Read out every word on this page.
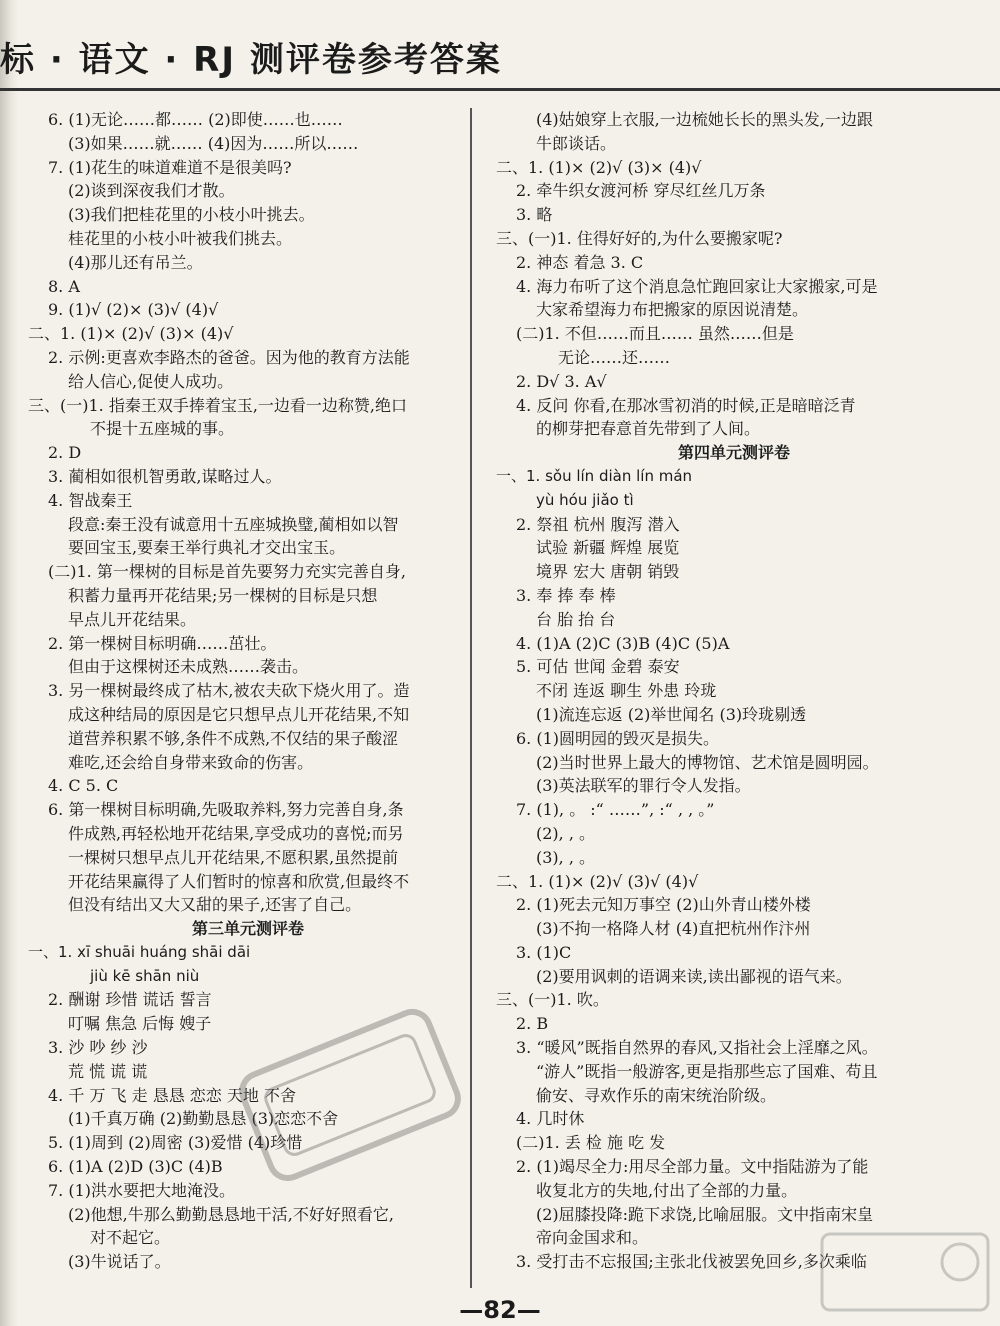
标 · 语文 · RJ 测评卷参考答案
6. (1)无论……都…… (2)即使……也……
(3)如果……就…… (4)因为……所以……
7. (1)花生的味道难道不是很美吗?
(2)谈到深夜我们才散。
(3)我们把桂花里的小枝小叶挑去。
桂花里的小枝小叶被我们挑去。
(4)那儿还有吊兰。
8. A
9. (1)√ (2)× (3)√ (4)√
二、1. (1)× (2)√ (3)× (4)√
2. 示例:更喜欢李路杰的爸爸。因为他的教育方法能
给人信心,促使人成功。
三、(一)1. 指秦王双手捧着宝玉,一边看一边称赞,绝口
不提十五座城的事。
2. D
3. 蔺相如很机智勇敢,谋略过人。
4. 智战秦王
段意:秦王没有诚意用十五座城换璧,蔺相如以智
要回宝玉,要秦王举行典礼才交出宝玉。
(二)1. 第一棵树的目标是首先要努力充实完善自身,
积蓄力量再开花结果;另一棵树的目标是只想
早点儿开花结果。
2. 第一棵树目标明确……茁壮。
但由于这棵树还未成熟……袭击。
3. 另一棵树最终成了枯木,被农夫砍下烧火用了。造
成这种结局的原因是它只想早点儿开花结果,不知
道营养积累不够,条件不成熟,不仅结的果子酸涩
难吃,还会给自身带来致命的伤害。
4. C 5. C
6. 第一棵树目标明确,先吸取养料,努力完善自身,条
件成熟,再轻松地开花结果,享受成功的喜悦;而另
一棵树只想早点儿开花结果,不愿积累,虽然提前
开花结果赢得了人们暂时的惊喜和欣赏,但最终不
但没有结出又大又甜的果子,还害了自己。
第三单元测评卷
一、1. xī shuāi huáng shāi dāi
jiù kē shān niù
2. 酬谢 珍惜 谎话 誓言
叮嘱 焦急 后悔 嫂子
3. 沙 吵 纱 沙
荒 慌 谎 谎
4. 千 万 飞 走 恳恳 恋恋 天地 不舍
(1)千真万确 (2)勤勤恳恳 (3)恋恋不舍
5. (1)周到 (2)周密 (3)爱惜 (4)珍惜
6. (1)A (2)D (3)C (4)B
7. (1)洪水要把大地淹没。
(2)他想,牛那么勤勤恳恳地干活,不好好照看它,
对不起它。
(3)牛说话了。
(4)姑娘穿上衣服,一边梳她长长的黑头发,一边跟
牛郎谈话。
二、1. (1)× (2)√ (3)× (4)√
2. 牵牛织女渡河桥 穿尽红丝几万条
3. 略
三、(一)1. 住得好好的,为什么要搬家呢?
2. 神态 着急 3. C
4. 海力布听了这个消息急忙跑回家让大家搬家,可是
大家希望海力布把搬家的原因说清楚。
(二)1. 不但……而且…… 虽然……但是
无论……还……
2. D√ 3. A√
4. 反问 你看,在那冰雪初消的时候,正是暗暗泛青
的柳芽把春意首先带到了人间。
第四单元测评卷
一、1. sǒu lín diàn lín mán
yù hóu jiǎo tì
2. 祭祖 杭州 腹泻 潜入
试验 新疆 辉煌 展览
境界 宏大 唐朝 销毁
3. 奉 捧 奉 棒
台 胎 抬 台
4. (1)A (2)C (3)B (4)C (5)A
5. 可估 世闻 金碧 泰安
不闭 连返 聊生 外患 玲珑
(1)流连忘返 (2)举世闻名 (3)玲珑剔透
6. (1)圆明园的毁灭是损失。
(2)当时世界上最大的博物馆、艺术馆是圆明园。
(3)英法联军的罪行令人发指。
7. (1), 。 :“ ……”, :“ , , 。”
(2), , 。
(3), , 。
二、1. (1)× (2)√ (3)√ (4)√
2. (1)死去元知万事空 (2)山外青山楼外楼
(3)不拘一格降人材 (4)直把杭州作汴州
3. (1)C
(2)要用讽刺的语调来读,读出鄙视的语气来。
三、(一)1. 吹。
2. B
3. “暖风”既指自然界的春风,又指社会上淫靡之风。
“游人”既指一般游客,更是指那些忘了国难、苟且
偷安、寻欢作乐的南宋统治阶级。
4. 几时休
(二)1. 丢 检 施 吃 发
2. (1)竭尽全力:用尽全部力量。文中指陆游为了能
收复北方的失地,付出了全部的力量。
(2)屈膝投降:跪下求饶,比喻屈服。文中指南宋皇
帝向金国求和。
3. 受打击不忘报国;主张北伐被罢免回乡,多次乘临
—82—
